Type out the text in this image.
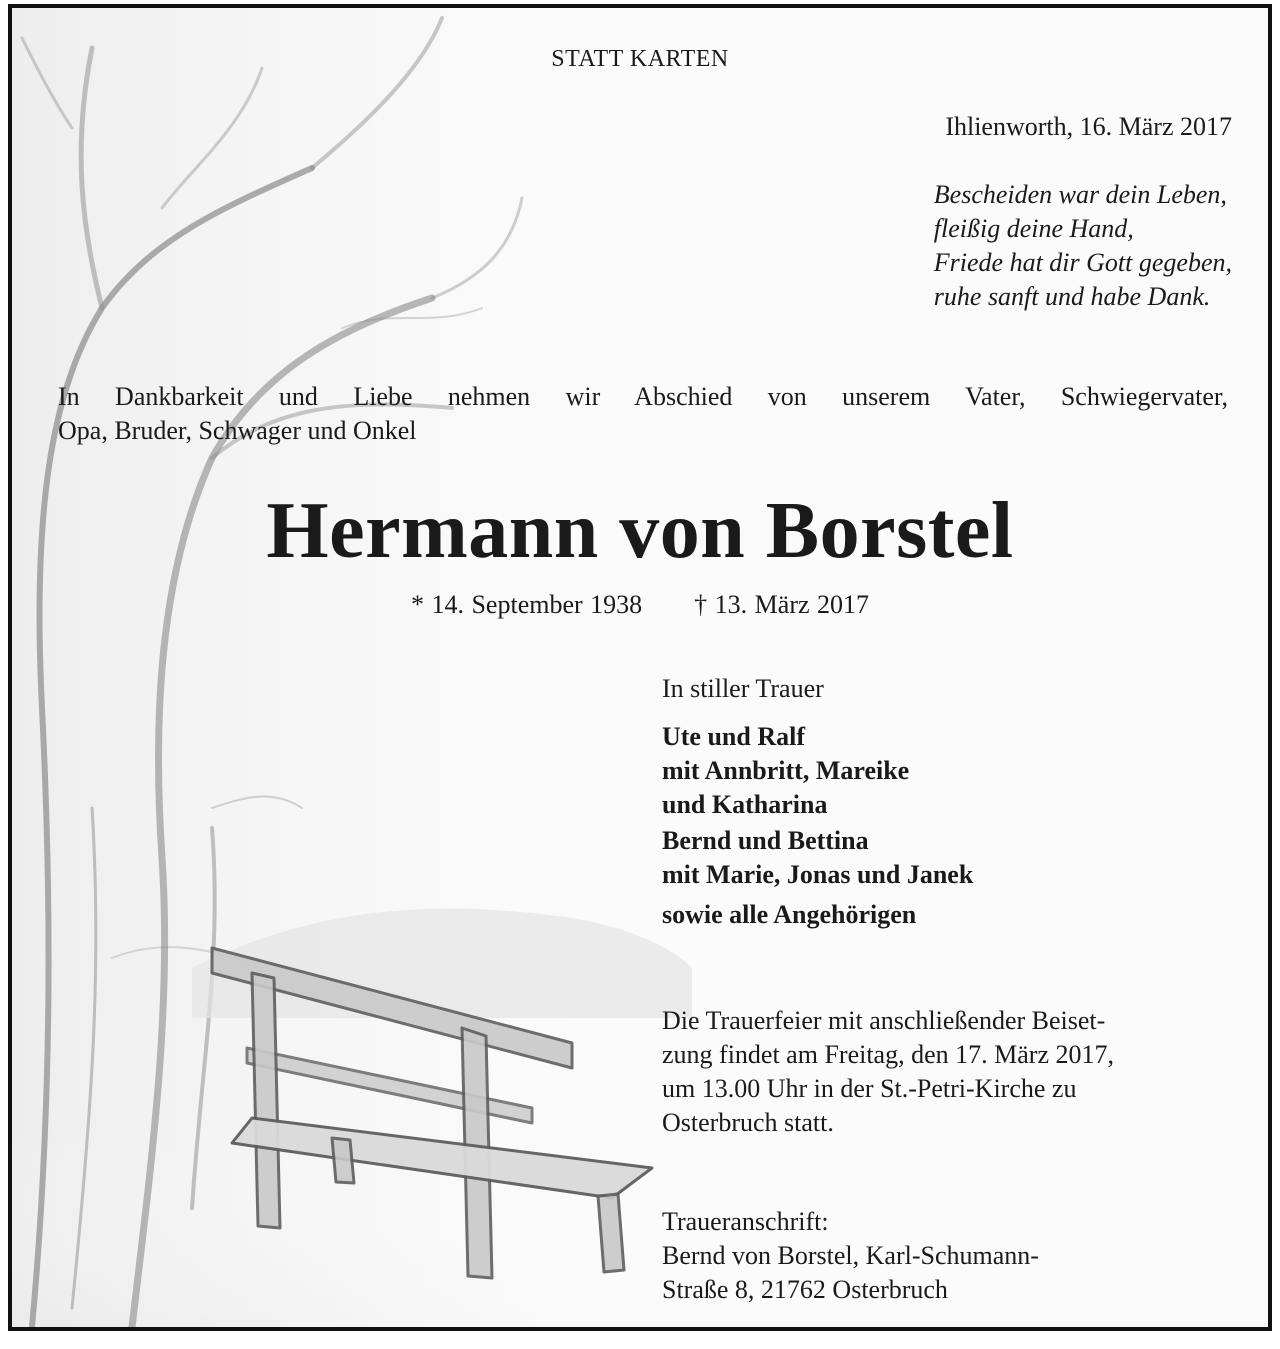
STATT KARTEN
Ihlienworth, 16. März 2017
Bescheiden war dein Leben,
fleißig deine Hand,
Friede hat dir Gott gegeben,
ruhe sanft und habe Dank.
In Dankbarkeit und Liebe nehmen wir Abschied von unserem Vater, Schwiegervater,
Opa, Bruder, Schwager und Onkel
Hermann von Borstel
* 14. September 1938 † 13. März 2017
In stiller Trauer
Ute und Ralf
mit Annbritt, Mareike
und Katharina
Bernd und Bettina
mit Marie, Jonas und Janek
sowie alle Angehörigen
Die Trauerfeier mit anschließender Beiset-
zung findet am Freitag, den 17. März 2017,
um 13.00 Uhr in der St.-Petri-Kirche zu
Osterbruch statt.
Traueranschrift:
Bernd von Borstel, Karl-Schumann-
Straße 8, 21762 Osterbruch
